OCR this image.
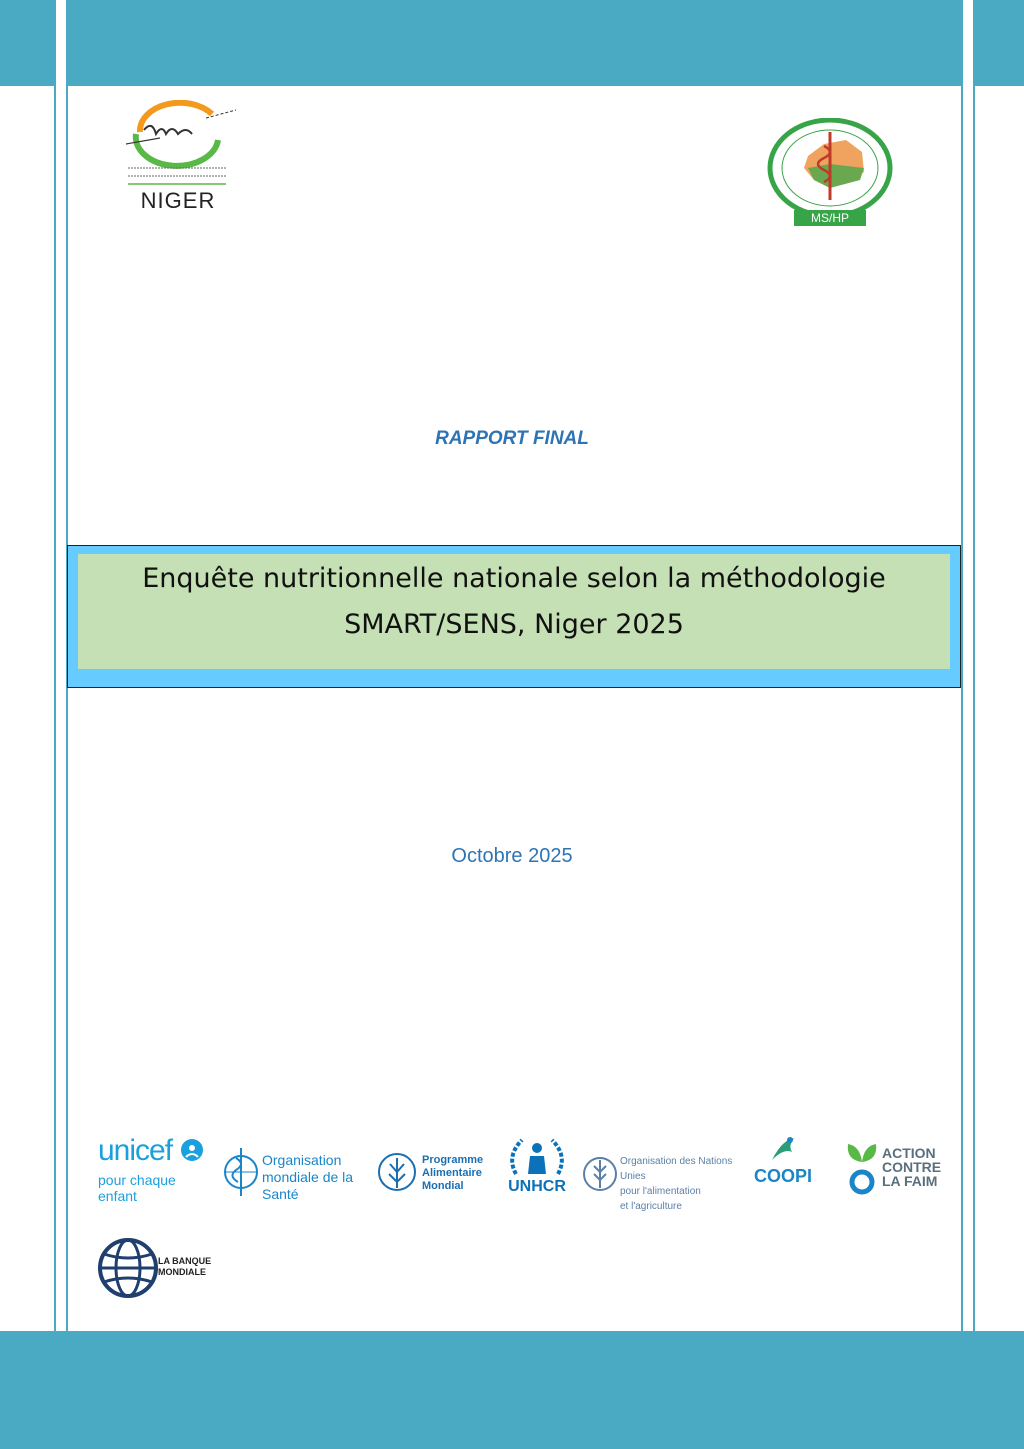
NIGER
MS/HP
RAPPORT FINAL
Enquête nutritionnelle nationale selon la méthodologie
SMART/SENS, Niger 2025
Octobre 2025
unicef
pour chaque enfant
Organisation
mondiale de la Santé
Programme
Alimentaire
Mondial	UNHCR
Organisation des Nations Unies
pour l'alimentation
et l'agriculture
COOPI
ACTION
CONTRE
LA FAIM
LA BANQUE
MONDIALE
